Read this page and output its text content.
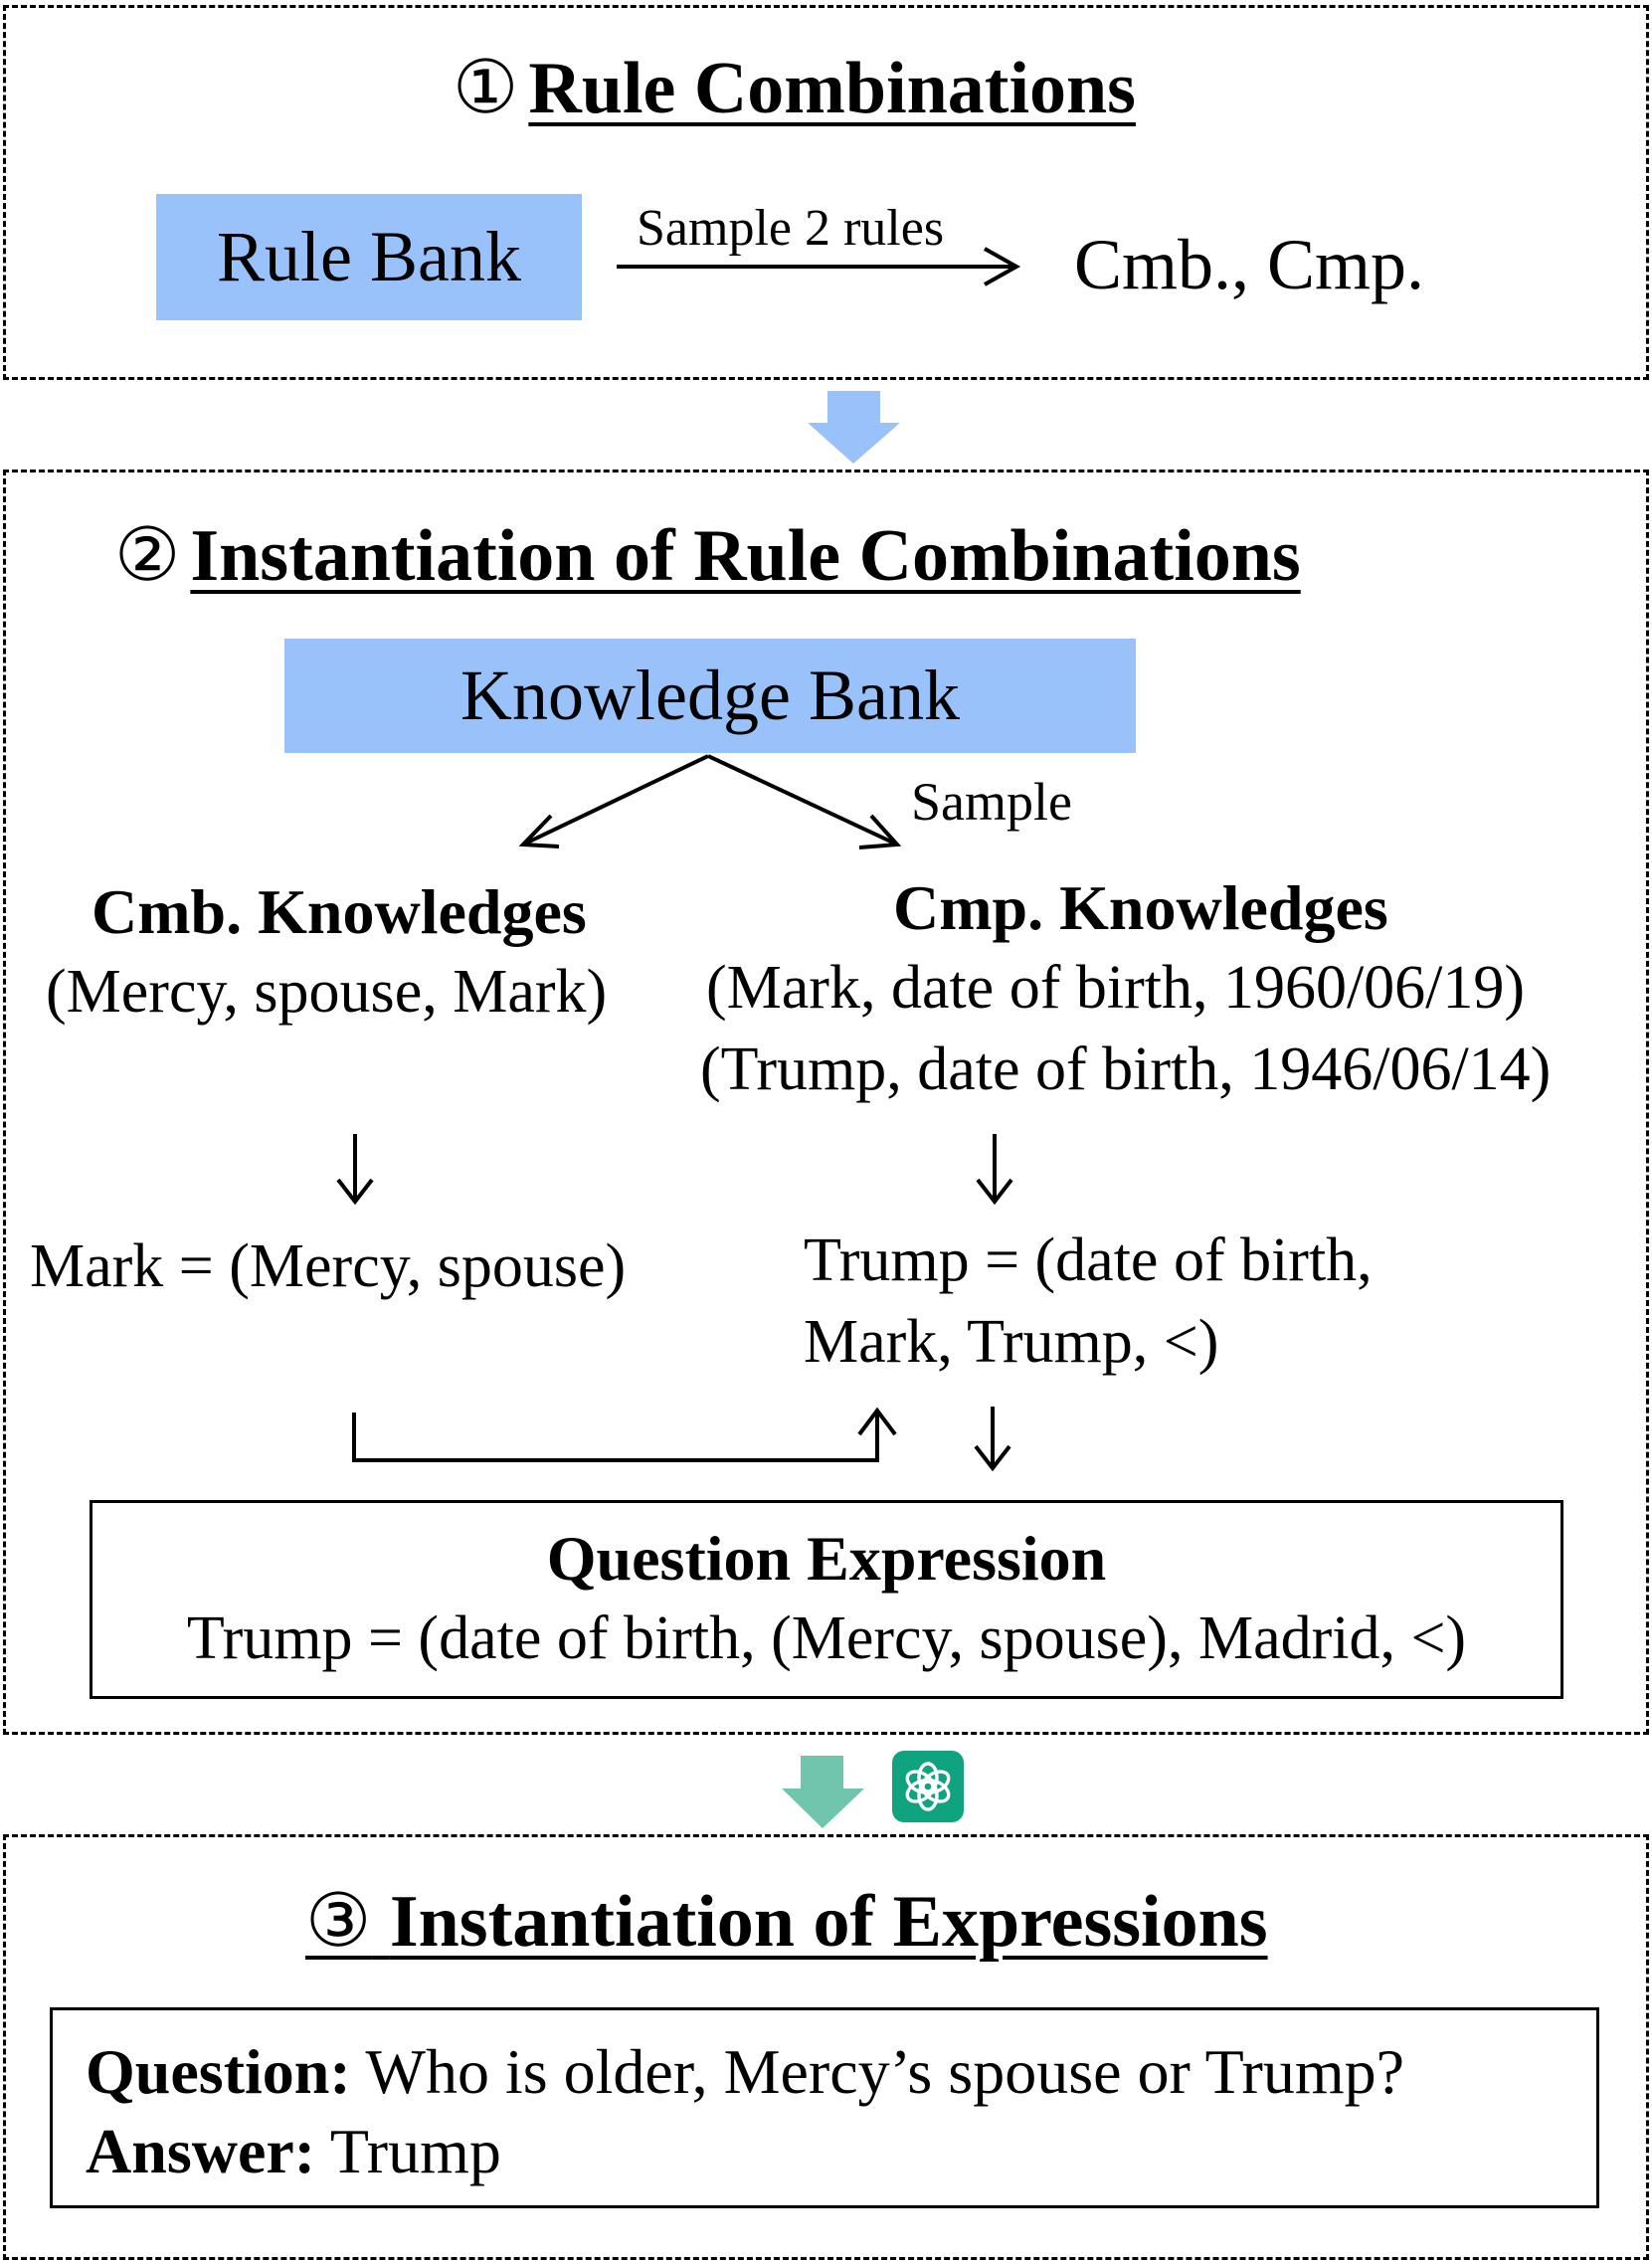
① Rule Combinations
Rule Bank Sample 2 rules Cmb., Cmp.
② Instantiation of Rule Combinations
Knowledge Bank
Sample
Cmb. Knowledges
(Mercy, spouse, Mark)
Mark = (Mercy, spouse)
Cmp. Knowledges
(Mark, date of birth, 1960/06/19)
(Trump, date of birth, 1946/06/14)
Trump = (date of birth,
Mark, Trump, <)
Question Expression
Trump = (date of birth, (Mercy, spouse), Madrid, <)
③ Instantiation of Expressions
Question: Who is older, Mercy’s spouse or Trump?
Answer: Trump
